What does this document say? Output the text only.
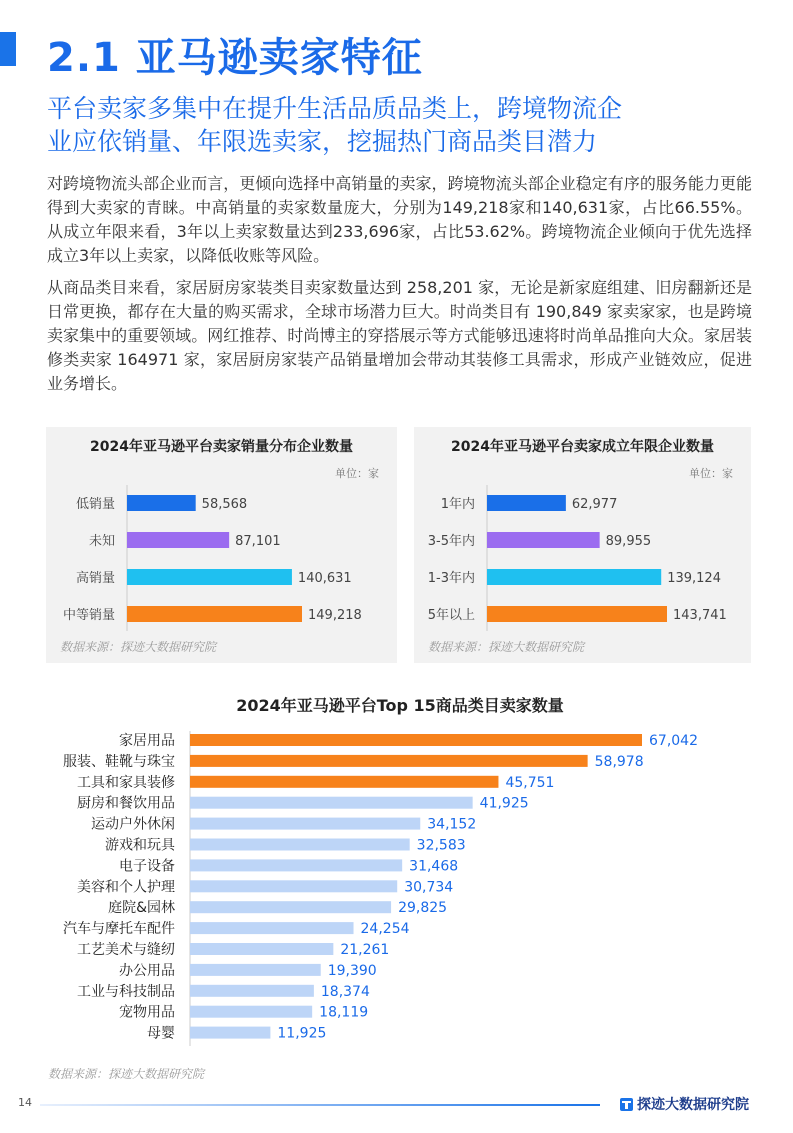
2.1 亚马逊卖家特征
平台卖家多集中在提升生活品质品类上，跨境物流企
业应依销量、年限选卖家，挖掘热门商品类目潜力
对跨境物流头部企业而言，更倾向选择中高销量的卖家，跨境物流头部企业稳定有序的服务能力更能得到大卖家的青睐。中高销量的卖家数量庞大，分别为149,218家和140,631家，占比66.55%。从成立年限来看，3年以上卖家数量达到233,696家，占比53.62%。跨境物流企业倾向于优先选择成立3年以上卖家，以降低收账等风险。
从商品类目来看，家居厨房家装类目卖家数量达到 258,201 家，无论是新家庭组建、旧房翻新还是日常更换，都存在大量的购买需求，全球市场潜力巨大。时尚类目有 190,849 家卖家家，也是跨境卖家集中的重要领域。网红推荐、时尚博主的穿搭展示等方式能够迅速将时尚单品推向大众。家居装修类卖家 164971 家，家居厨房家装产品销量增加会带动其装修工具需求，形成产业链效应，促进业务增长。
2024年亚马逊平台卖家销量分布企业数量
单位：家
低销量	58,568
未知	87,101
高销量	140,631
中等销量	149,218
数据来源：探迹大数据研究院
2024年亚马逊平台卖家成立年限企业数量
单位：家
1年内	62,977
3-5年内	89,955
1-3年内	139,124
5年以上	143,741
数据来源：探迹大数据研究院
2024年亚马逊平台Top 15商品类目卖家数量
家居用品	67,042
服装、鞋靴与珠宝	58,978
工具和家具装修	45,751
厨房和餐饮用品	41,925
运动户外休闲	34,152
游戏和玩具	32,583
电子设备	31,468
美容和个人护理	30,734
庭院&园林	29,825
汽车与摩托车配件	24,254
工艺美术与缝纫	21,261
办公用品	19,390
工业与科技制品	18,374
宠物用品	18,119
母婴	11,925
数据来源：探迹大数据研究院
14	探迹大数据研究院
